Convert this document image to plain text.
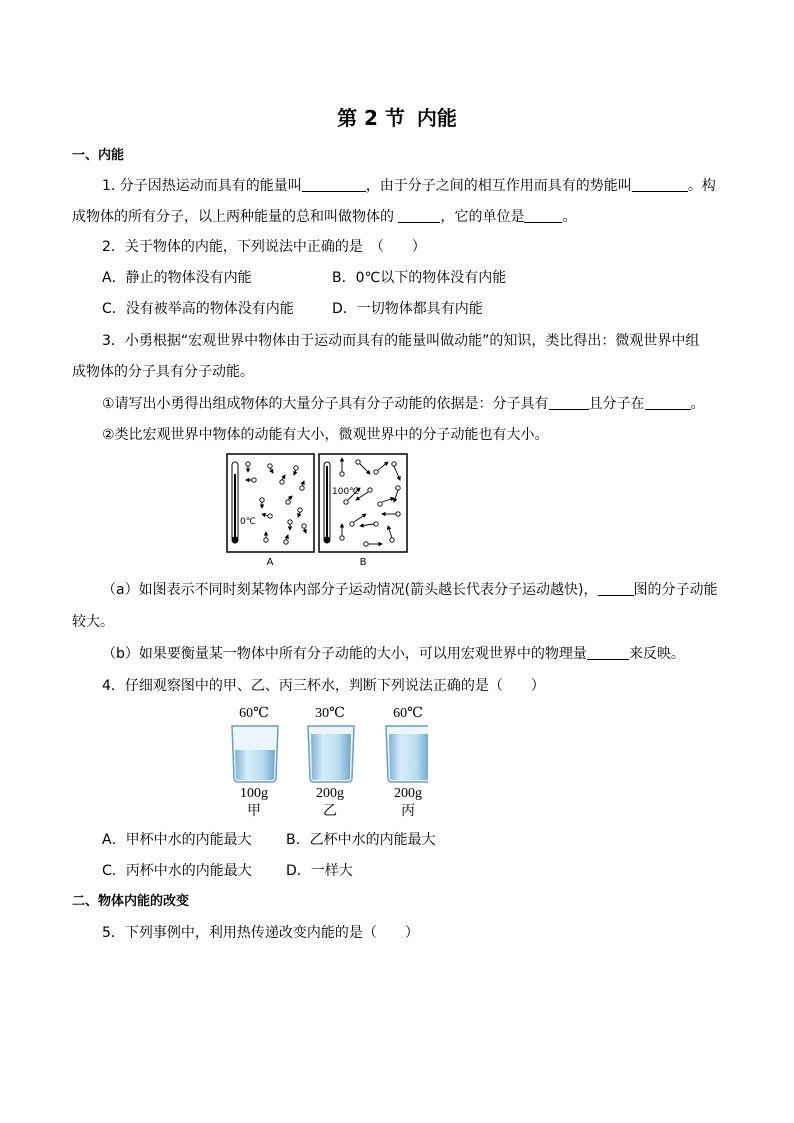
第 2 节 内能
一、内能
1. 分子因热运动而具有的能量叫	，由于分子之间的相互作用而具有的势能叫	。构
成物体的所有分子，以上两种能量的总和叫做物体的	，它的单位是	。
2．关于物体的内能，下列说法中正确的是　（　　）
A．静止的物体没有内能	B．0℃以下的物体没有内能
C．没有被举高的物体没有内能	D．一切物体都具有内能
3．小勇根据“宏观世界中物体由于运动而具有的能量叫做动能”的知识，类比得出：微观世界中组
成物体的分子具有分子动能。
①请写出小勇得出组成物体的大量分子具有分子动能的依据是：分子具有	且分子在	。
②类比宏观世界中物体的动能有大小，微观世界中的分子动能也有大小。
0℃
100℃
A	B
（a）如图表示不同时刻某物体内部分子运动情况(箭头越长代表分子运动越快)，	图的分子动能
较大。
（b）如果要衡量某一物体中所有分子动能的大小，可以用宏观世界中的物理量	来反映。
4．仔细观察图中的甲、乙、丙三杯水，判断下列说法正确的是（　　）
60℃	30℃	60℃
100g	200g	200g
甲	乙	丙
A．甲杯中水的内能最大 B．乙杯中水的内能最大
C．丙杯中水的内能最大 D．一样大
二、物体内能的改变
5．下列事例中，利用热传递改变内能的是（　　）
